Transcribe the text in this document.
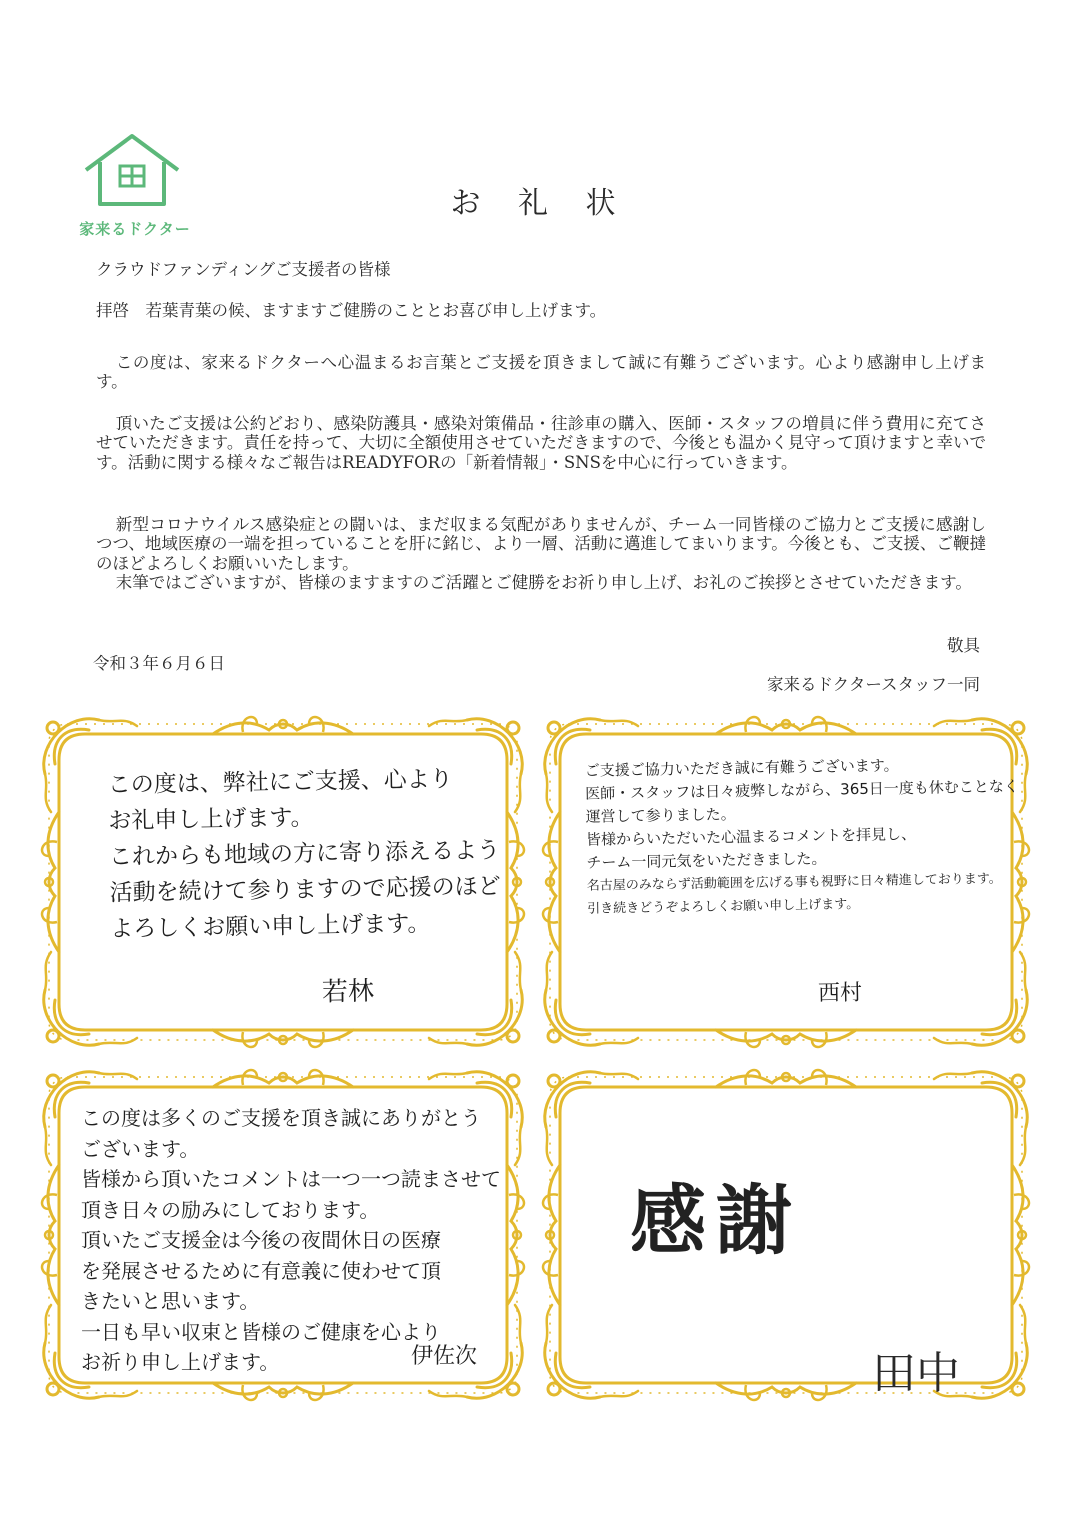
家来るドクター
お 礼 状
クラウドファンディングご支援者の皆様
拝啓　若葉青葉の候、ますますご健勝のこととお喜び申し上げます。
この度は、家来るドクターへ心温まるお言葉とご支援を頂きまして誠に有難うございます。心より感謝申し上げます。
頂いたご支援は公約どおり、感染防護具・感染対策備品・往診車の購入、医師・スタッフの増員に伴う費用に充てさせていただきます。責任を持って、大切に全額使用させていただきますので、今後とも温かく見守って頂けますと幸いです。活動に関する様々なご報告はREADYFORの「新着情報」・SNSを中心に行っていきます。
新型コロナウイルス感染症との闘いは、まだ収まる気配がありませんが、チーム一同皆様のご協力とご支援に感謝しつつ、地域医療の一端を担っていることを肝に銘じ、より一層、活動に邁進してまいります。今後とも、ご支援、ご鞭撻のほどよろしくお願いいたします。
末筆ではございますが、皆様のますますのご活躍とご健勝をお祈り申し上げ、お礼のご挨拶とさせていただきます。
敬具
令和３年６月６日
家来るドクタースタッフ一同
この度は、弊社にご支援、心より
お礼申し上げます。
これからも地域の方に寄り添えるよう
活動を続けて参りますので応援のほど
よろしくお願い申し上げます。
若林
ご支援ご協力いただき誠に有難うございます。
医師・スタッフは日々疲弊しながら、365日一度も休むことなく
運営して参りました。
皆様からいただいた心温まるコメントを拝見し、
チーム一同元気をいただきました。
名古屋のみならず活動範囲を広げる事も視野に日々精進しております。
引き続きどうぞよろしくお願い申し上げます。
西村
この度は多くのご支援を頂き誠にありがとう
ございます。
皆様から頂いたコメントは一つ一つ読まさせて
頂き日々の励みにしております。
頂いたご支援金は今後の夜間休日の医療
を発展させるために有意義に使わせて頂
きたいと思います。
一日も早い収束と皆様のご健康を心より
お祈り申し上げます。	伊佐次
感謝
田中
